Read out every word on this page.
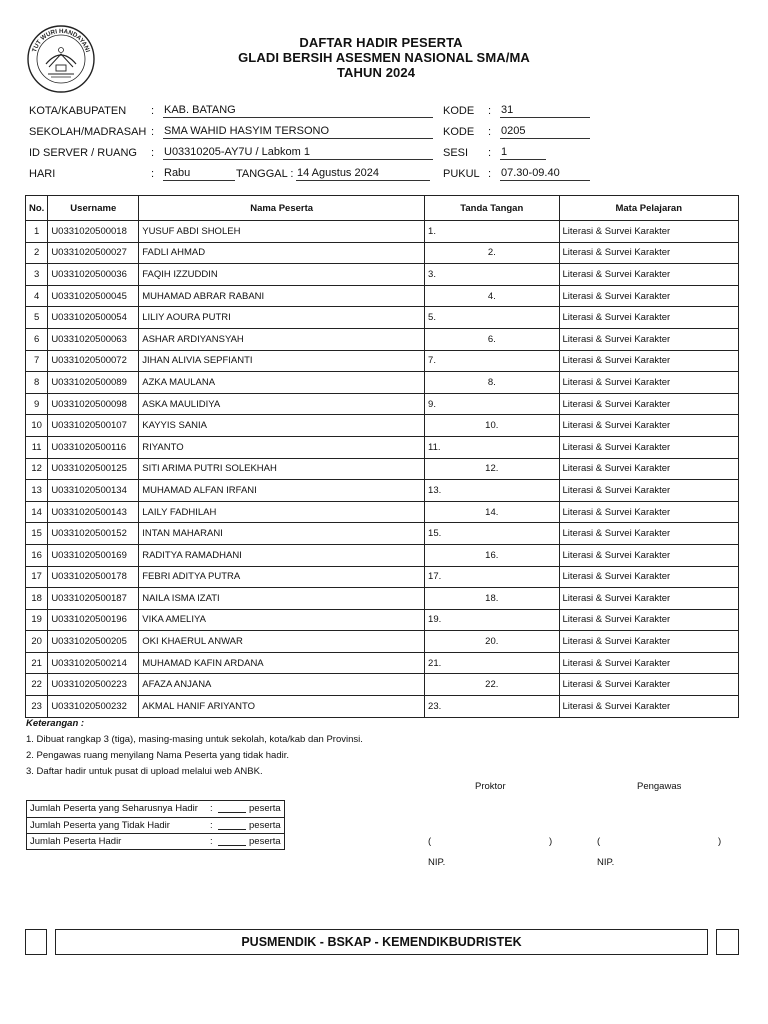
TUT WURI HANDAYANI
DAFTAR HADIR PESERTA
GLADI BERSIH ASESMEN NASIONAL SMA/MA
TAHUN 2024
KOTA/KABUPATEN : KAB. BATANG
SEKOLAH/MADRASAH : SMA WAHID HASYIM TERSONO
ID SERVER / RUANG : U03310205-AY7U / Labkom 1
HARI	: Rabu	TANGGAL : 14 Agustus 2024
KODE : 31
KODE : 0205
SESI : 1
PUKUL : 07.30-09.40
No.	Username	Nama Peserta	Tanda Tangan	Mata Pelajaran
1	U0331020500018	YUSUF ABDI SHOLEH	1.	Literasi & Survei Karakter
2	U0331020500027	FADLI AHMAD	2.	Literasi & Survei Karakter
3	U0331020500036	FAQIH IZZUDDIN	3.	Literasi & Survei Karakter
4	U0331020500045	MUHAMAD ABRAR RABANI	4.	Literasi & Survei Karakter
5	U0331020500054	LILIY AOURA PUTRI	5.	Literasi & Survei Karakter
6	U0331020500063	ASHAR ARDIYANSYAH	6.	Literasi & Survei Karakter
7	U0331020500072	JIHAN ALIVIA SEPFIANTI	7.	Literasi & Survei Karakter
8	U0331020500089	AZKA MAULANA	8.	Literasi & Survei Karakter
9	U0331020500098	ASKA MAULIDIYA	9.	Literasi & Survei Karakter
10	U0331020500107	KAYYIS SANIA	10.	Literasi & Survei Karakter
11	U0331020500116	RIYANTO	11.	Literasi & Survei Karakter
12	U0331020500125	SITI ARIMA PUTRI SOLEKHAH	12.	Literasi & Survei Karakter
13	U0331020500134	MUHAMAD ALFAN IRFANI	13.	Literasi & Survei Karakter
14	U0331020500143	LAILY FADHILAH	14.	Literasi & Survei Karakter
15	U0331020500152	INTAN MAHARANI	15.	Literasi & Survei Karakter
16	U0331020500169	RADITYA RAMADHANI	16.	Literasi & Survei Karakter
17	U0331020500178	FEBRI ADITYA PUTRA	17.	Literasi & Survei Karakter
18	U0331020500187	NAILA ISMA IZATI	18.	Literasi & Survei Karakter
19	U0331020500196	VIKA AMELIYA	19.	Literasi & Survei Karakter
20	U0331020500205	OKI KHAERUL ANWAR	20.	Literasi & Survei Karakter
21	U0331020500214	MUHAMAD KAFIN ARDANA	21.	Literasi & Survei Karakter
22	U0331020500223	AFAZA ANJANA	22.	Literasi & Survei Karakter
23	U0331020500232	AKMAL HANIF ARIYANTO	23.	Literasi & Survei Karakter
Keterangan :
1. Dibuat rangkap 3 (tiga), masing-masing untuk sekolah, kota/kab dan Provinsi.
2. Pengawas ruang menyilang Nama Peserta yang tidak hadir.
3. Daftar hadir untuk pusat di upload melalui web ANBK.
Jumlah Peserta yang Seharusnya Hadir :	peserta
Jumlah Peserta yang Tidak Hadir	:	peserta
Jumlah Peserta Hadir	:	peserta
Proktor	Pengawas
(	)	(	)
NIP.	NIP.
PUSMENDIK - BSKAP - KEMENDIKBUDRISTEK
